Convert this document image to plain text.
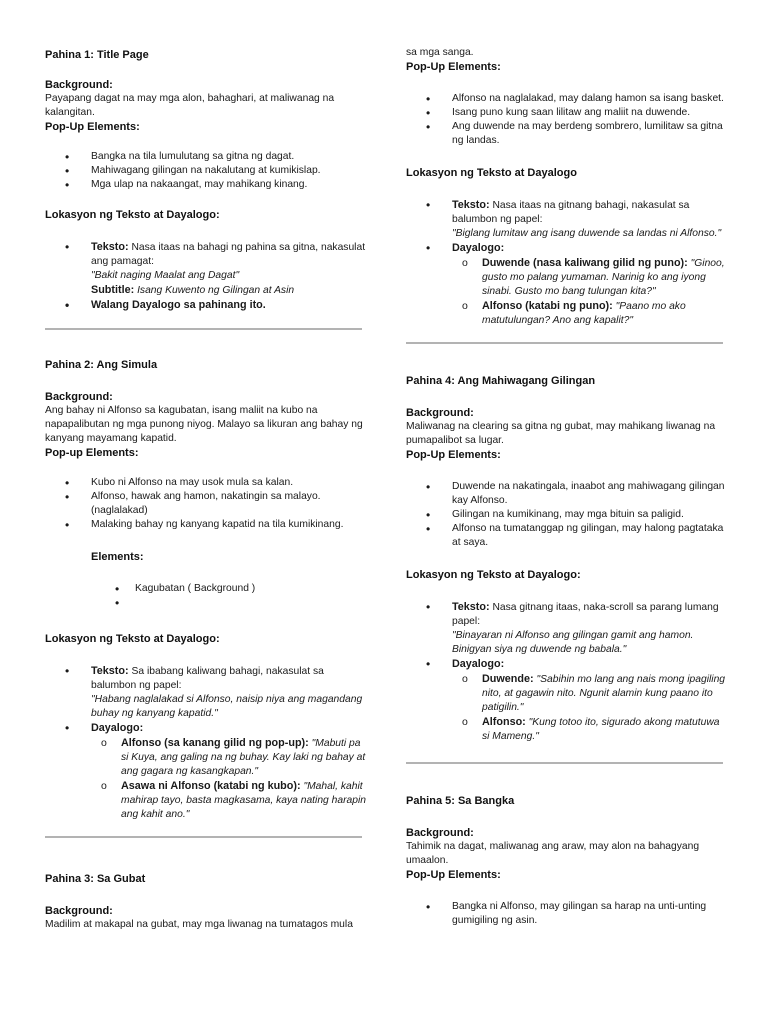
Pahina 1: Title Page
Background:

Payapang dagat na may mga alon, bahaghari, at maliwanag na kalangitan.

Pop-Up Elements:
• Bangka na tila lumulutang sa gitna ng dagat.
• Mahiwagang gilingan na nakalutang at kumikislap.
• Mga ulap na nakaangat, may mahikang kinang.
Lokasyon ng Teksto at Dayalogo:
• Teksto: Nasa itaas na bahagi ng pahina sa gitna, nakasulat ang pamagat:
"Bakit naging Maalat ang Dagat"
Subtitle: Isang Kuwento ng Gilingan at Asin
• Walang Dayalogo sa pahinang ito.
Pahina 2: Ang Simula
Background:

Ang bahay ni Alfonso sa kagubatan, isang maliit na kubo na napapalibutan ng mga punong niyog. Malayo sa likuran ang bahay ng kanyang mayamang kapatid.

Pop-up Elements:
• Kubo ni Alfonso na may usok mula sa kalan.
• Alfonso, hawak ang hamon, nakatingin sa malayo. (naglalakad)
• Malaking bahay ng kanyang kapatid na tila kumikinang.
Elements:
• Kagubatan ( Background )
•
Lokasyon ng Teksto at Dayalogo:
• Teksto: Sa ibabang kaliwang bahagi, nakasulat sa balumbon ng papel:
"Habang naglalakad si Alfonso, naisip niya ang magandang buhay ng kanyang kapatid."
• Dayalogo:
o Alfonso (sa kanang gilid ng pop-up): "Mabuti pa si Kuya, ang galing na ng buhay. Kay laki ng bahay at ang gagara ng kasangkapan."
o Asawa ni Alfonso (katabi ng kubo): "Mahal, kahit mahirap tayo, basta magkasama, kaya nating harapin ang kahit ano."
Pahina 3: Sa Gubat
Background:

Madilim at makapal na gubat, may mga liwanag na tumatagos mula

sa mga sanga.

Pop-Up Elements:
• Alfonso na naglalakad, may dalang hamon sa isang basket.
• Isang puno kung saan lilitaw ang maliit na duwende.
• Ang duwende na may berdeng sombrero, lumilitaw sa gitna ng landas.
Lokasyon ng Teksto at Dayalogo
• Teksto: Nasa itaas na gitnang bahagi, nakasulat sa balumbon ng papel:
"Biglang lumitaw ang isang duwende sa landas ni Alfonso."
• Dayalogo:
o Duwende (nasa kaliwang gilid ng puno): "Ginoo, gusto mo palang yumaman. Narinig ko ang iyong sinabi. Gusto mo bang tulungan kita?"
o Alfonso (katabi ng puno): "Paano mo ako matutulungan? Ano ang kapalit?"
Pahina 4: Ang Mahiwagang Gilingan
Background:

Maliwanag na clearing sa gitna ng gubat, may mahikang liwanag na pumapalibot sa lugar.

Pop-Up Elements:
• Duwende na nakatingala, inaabot ang mahiwagang gilingan kay Alfonso.
• Gilingan na kumikinang, may mga bituin sa paligid.
• Alfonso na tumatanggap ng gilingan, may halong pagtataka at saya.
Lokasyon ng Teksto at Dayalogo:
• Teksto: Nasa gitnang itaas, naka-scroll sa parang lumang papel:
"Binayaran ni Alfonso ang gilingan gamit ang hamon. Binigyan siya ng duwende ng babala."
• Dayalogo:
o Duwende: "Sabihin mo lang ang nais mong ipagiling nito, at gagawin nito. Ngunit alamin kung paano ito patigilin."
o Alfonso: "Kung totoo ito, sigurado akong matutuwa si Mameng."
Pahina 5: Sa Bangka
Background:

Tahimik na dagat, maliwanag ang araw, may alon na bahagyang umaalon.

Pop-Up Elements:
• Bangka ni Alfonso, may gilingan sa harap na unti-unting gumigiling ng asin.
